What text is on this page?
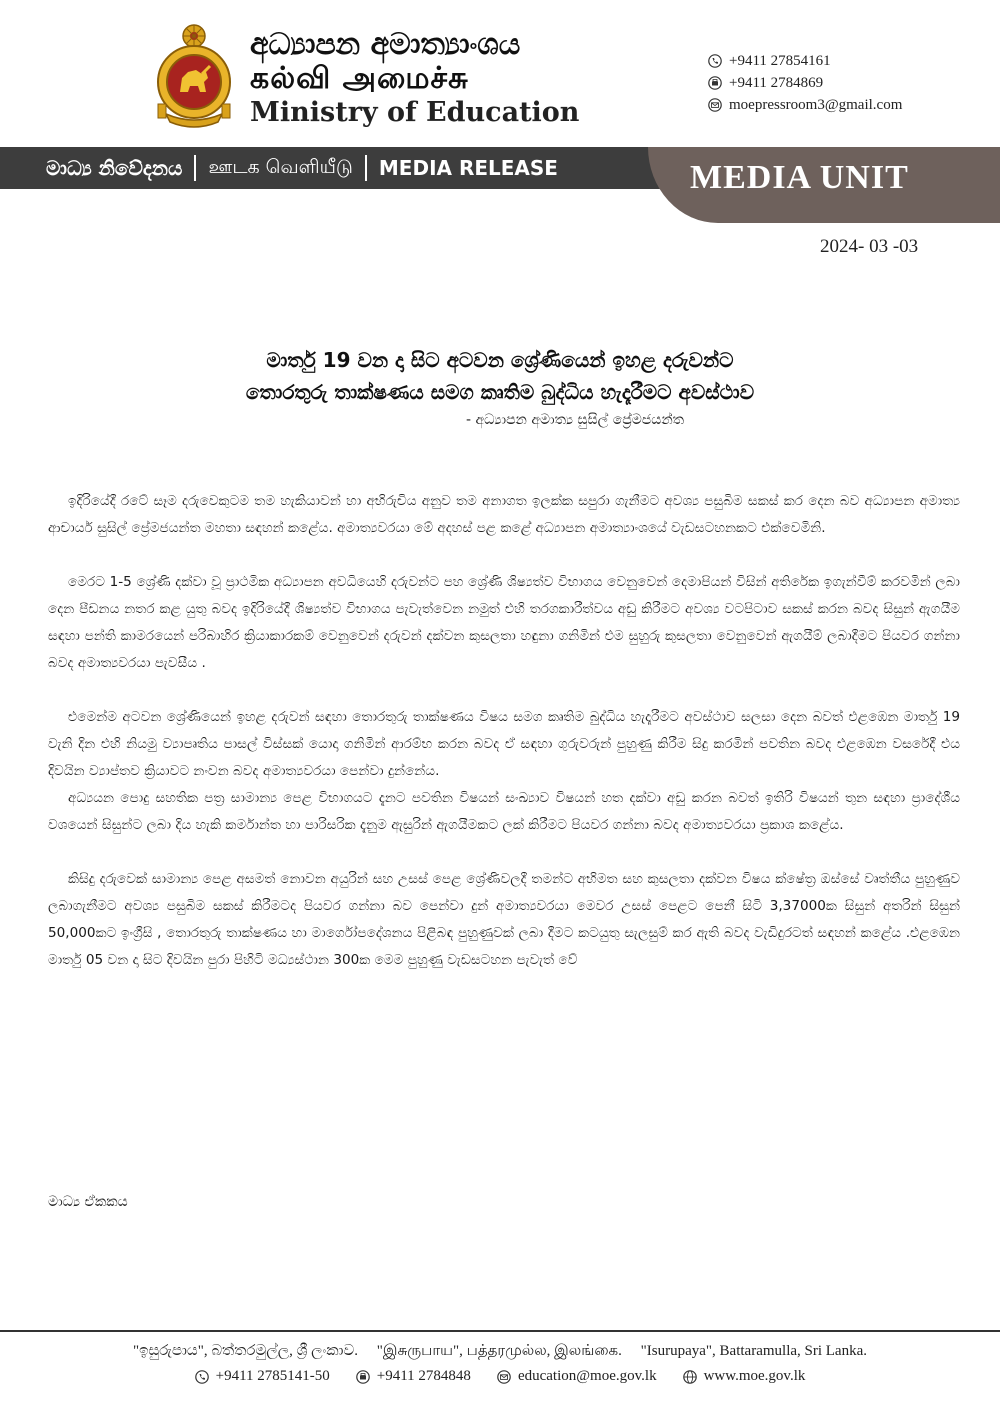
අධ්‍යාපන අමාත්‍යාංශය
கல்வி அமைச்சு
Ministry of Education
+9411 27854161
+9411 2784869
moepressroom3@gmail.com
මාධ්‍ය නිවේදනය ஊடக வெளியீடு MEDIA RELEASE	MEDIA UNIT
2024- 03 -03
මාර්තු 19 වන දා සිට අටවන ශ්‍රේණියෙන් ඉහළ දරුවන්ට
තොරතුරු තාක්ෂණය සමග කෘතිම බුද්ධිය හැදෑරීමට අවස්ථාව
- අධ්‍යාපන අමාත්‍ය සුසිල් ප්‍රේමජයන්ත

ඉදිරියේදී රටේ සෑම දරුවෙකුටම තම හැකියාවන් හා අභිරුචිය අනුව තම අනාගත ඉලක්ක සපුරා ගැනීමට අවශ්‍ය පසුබිම සකස් කර දෙන බව අධ්‍යාපන අමාත්‍ය ආචාර්ය සුසිල් ප්‍රේමජයන්ත මහතා සඳහන් කළේය. අමාත්‍යවරයා මේ අදහස් පළ කළේ අධ්‍යාපන අමාත්‍යාංශයේ වැඩසටහනකට එක්වෙමිනි.

මෙරට 1-5 ශ්‍රේණි දක්වා වූ ප්‍රාථමික අධ්‍යාපන අවධියෙහි දරුවන්ට පහ ශ්‍රේණි ශිෂ්‍යත්ව විභාගය වෙනුවෙන් දෙමාපියන් විසින් අතිරේක ඉගැන්වීම් කරවමින් ලබා දෙන පීඩනය නතර කළ යුතු බවද ඉදිරියේදී ශිෂ්‍යත්ව විභාගය පැවැත්වෙන නමුත් එහි තරගකාරීත්වය අඩු කිරීමට අවශ්‍ය වටපිටාව සකස් කරන බවද සිසුන් ඇගයීම සඳහා පන්ති කාමරයෙන් පරිබාහිර ක්‍රියාකාරකම් වෙනුවෙන් දරුවන් දක්වන කුසලතා හඳුනා ගනිමින් එම සුහුරු කුසලතා වෙනුවෙන් ඇගයීම් ලබාදීමට පියවර ගන්නා බවද අමාත්‍යවරයා පැවසීය .

එමෙන්ම අටවන ශ්‍රේණියෙන් ඉහළ දරුවන් සඳහා තොරතුරු තාක්ෂණය විෂය සමග කෘතිම බුද්ධිය හැදෑරීමට අවස්ථාව සලසා දෙන බවත් එළඹෙන මාර්තු 19 වැනි දින එහි නියමු ව්‍යාපෘතිය පාසල් විස්සක් යොදා ගනිමින් ආරම්භ කරන බවද ඒ සඳහා ගුරුවරුන් පුහුණු කිරීම සිදු කරමින් පවතින බවද එළඹෙන වසරේදී එය දිවයින ව්‍යාප්තව ක්‍රියාවට නංවන බවද අමාත්‍යවරයා පෙන්වා දුන්නේය.

අධ්‍යයන පොදු සහතික පත්‍ර සාමාන්‍ය පෙළ විභාගයට දැනට පවතින විෂයන් සංඛ්‍යාව විෂයන් හත දක්වා අඩු කරන බවත් ඉතිරි විෂයන් තුන සඳහා ප්‍රාදේශීය වශයෙන් සිසුන්ට ලබා දිය හැකි කර්මාන්ත හා පාරිසරික දැනුම ඇසුරින් ඇගයීමකට ලක් කිරීමට පියවර ගන්නා බවද අමාත්‍යවරයා ප්‍රකාශ කළේය.

කිසිදු දරුවෙක් සාමාන්‍ය පෙළ අසමත් නොවන අයුරින් සහ උසස් පෙළ ශ්‍රේණිවලදී තමන්ට අභිමත සහ කුසලතා දක්වන විෂය ක්ෂේත්‍ර ඔස්සේ වෘත්තීය පුහුණුව ලබාගැනීමට අවශ්‍ය පසුබිම සකස් කිරීමටද පියවර ගන්නා බව පෙන්වා දුන් අමාත්‍යවරයා මෙවර උසස් පෙළට පෙනී සිටි 3,37000ක සිසුන් අතරින් සිසුන් 50,000කට ඉංග්‍රීසි , තොරතුරු තාක්ෂණය හා මාර්ගෝපදේශනය පිළිබඳ පුහුණුවක් ලබා දීමට කටයුතු සැලසුම් කර ඇති බවද වැඩිදුරටත් සඳහන් කළේය .එළඹෙන මාර්තු 05 වන දා සිට දිවයින පුරා පිහිටි මධ්‍යස්ථාන 300ක මෙම පුහුණු වැඩසටහන පැවැත් වේ

මාධ්‍ය ඒකකය
"ඉසුරුපාය", බත්තරමුල්ල, ශ්‍රී ලංකාව. "இசுருபாய", பத்தரமுல்ல, இலங்கை. "Isurupaya", Battaramulla, Sri Lanka.
+9411 2785141-50	+9411 2784848	education@moe.gov.lk	www.moe.gov.lk
